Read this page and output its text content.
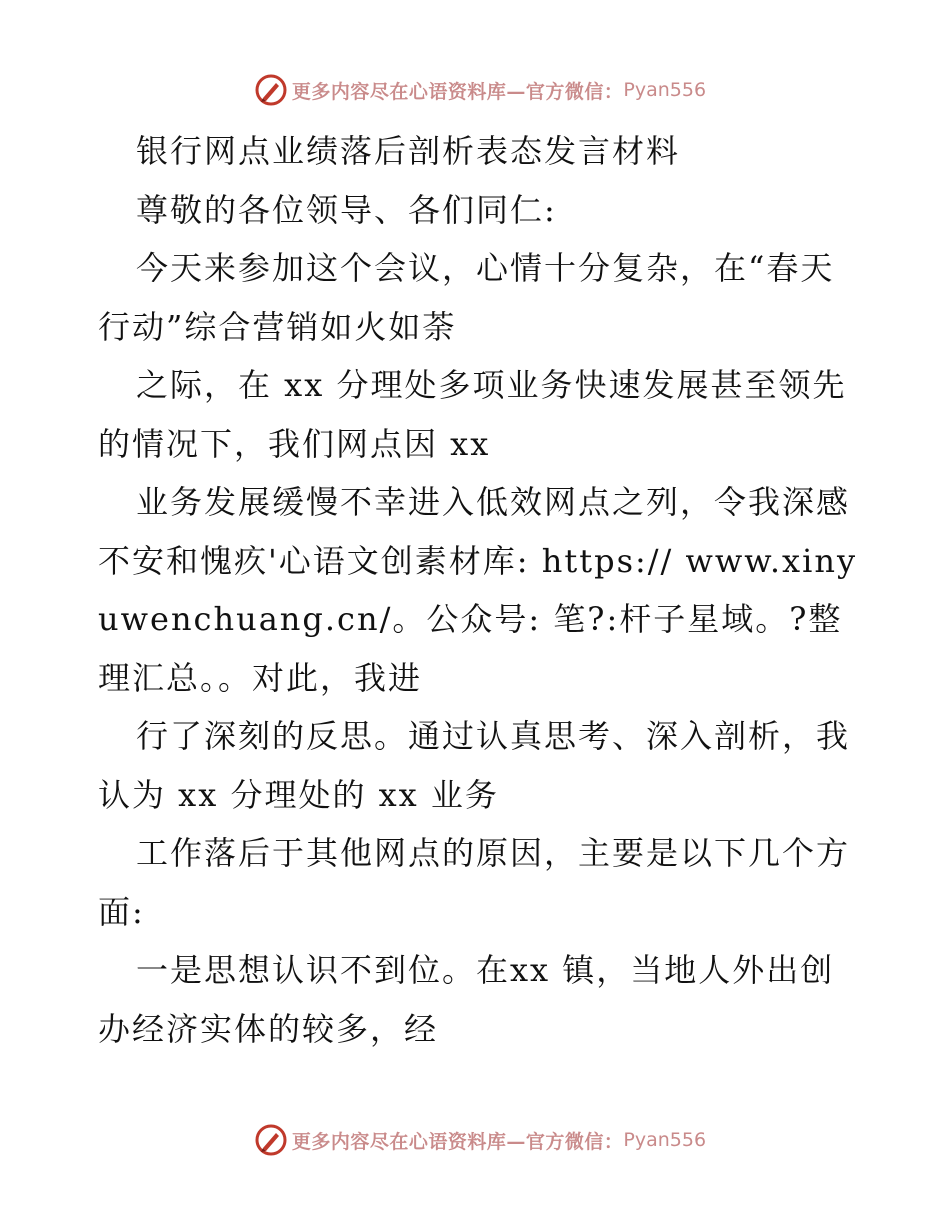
更多内容尽在心语资料库—官方微信： Pyan556

银行网点业绩落后剖析表态发言材料

尊敬的各位领导、各们同仁:

今天来参加这个会议，心情十分复杂，在“春天行动”综合营销如火如荼

之际，在 xx 分理处多项业务快速发展甚至领先的情况下，我们网点因 xx

业务发展缓慢不幸进入低效网点之列，令我深感不安和愧疚'心语文创素材库: https:// www.xinyuwenchuang.cn/。公众号: 笔?:杆子星域。?整理汇总。。对此，我进

行了深刻的反思。通过认真思考、深入剖析，我认为 xx 分理处的 xx 业务

工作落后于其他网点的原因，主要是以下几个方面:

一是思想认识不到位。在xx 镇，当地人外出创办经济实体的较多，经

更多内容尽在心语资料库—官方微信： Pyan556
